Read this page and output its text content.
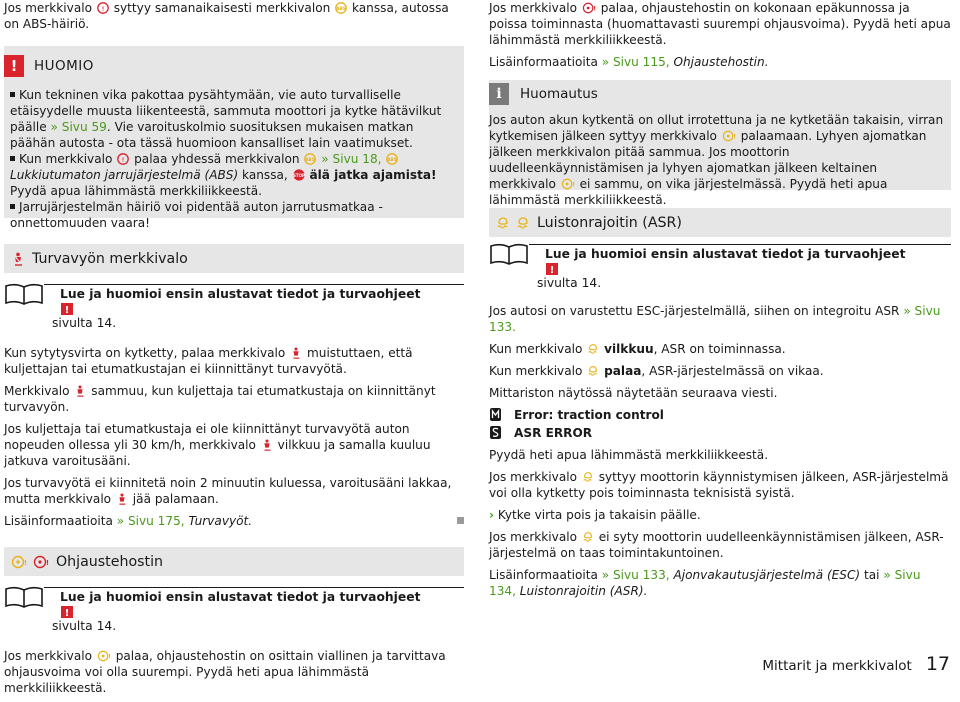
Jos merkkivalo ! syttyy samanaikaisesti merkkivalon ABS kanssa, autossa on ABS-häiriö.

!	HUOMIO
Kun tekninen vika pakottaa pysähtymään, vie auto turvalliselle etäisyydelle muusta liikenteestä, sammuta moottori ja kytke hätävilkut päälle » Sivu 59. Vie varoituskolmio suosituksen mukaisen matkan päähän autosta - ota tässä huomioon kansalliset lain vaatimukset.
Kun merkkivalo ! palaa yhdessä merkkivalon ABS » Sivu 18, ABS
Lukkiutumaton jarrujärjestelmä (ABS) kanssa, STOP älä jatka ajamista! Pyydä apua lähimmästä merkkiliikkeestä.
Jarrujärjestelmän häiriö voi pidentää auton jarrutusmatkaa - onnettomuuden vaara!
Turvavyön merkkivalo
Lue ja huomioi ensin alustavat tiedot ja turvaohjeet
!
sivulta 14.

Kun sytytysvirta on kytketty, palaa merkkivalo muistuttaen, että kuljettajan tai etumatkustajan ei kiinnittänyt turvavyötä.

Merkkivalo sammuu, kun kuljettaja tai etumatkustaja on kiinnittänyt turvavyön.

Jos kuljettaja tai etumatkustaja ei ole kiinnittänyt turvavyötä auton nopeuden ollessa yli 30 km/h, merkkivalo vilkkuu ja samalla kuuluu jatkuva varoitusääni.

Jos turvavyötä ei kiinnitetä noin 2 minuutin kuluessa, varoitusääni lakkaa, mutta merkkivalo jää palamaan.

Lisäinformaatioita » Sivu 175, Turvavyöt.

!	! Ohjaustehostin
Lue ja huomioi ensin alustavat tiedot ja turvaohjeet
!
sivulta 14.

Jos merkkivalo ! palaa, ohjaustehostin on osittain viallinen ja tarvittava ohjausvoima voi olla suurempi. Pyydä heti apua lähimmästä merkkiliikkeestä.

Jos merkkivalo ! palaa, ohjaustehostin on kokonaan epäkunnossa ja poissa toiminnasta (huomattavasti suurempi ohjausvoima). Pyydä heti apua lähimmästä merkkiliikkeestä.

Lisäinformaatioita » Sivu 115, Ohjaustehostin.

i	Huomautus
Jos auton akun kytkentä on ollut irrotettuna ja ne kytketään takaisin, virran kytkemisen jälkeen syttyy merkkivalo ! palaamaan. Lyhyen ajomatkan jälkeen merkkivalon pitää sammua. Jos moottorin uudelleenkäynnistämisen ja lyhyen ajomatkan jälkeen keltainen merkkivalo ! ei sammu, on vika järjestelmässä. Pyydä heti apua lähimmästä merkkiliikkeestä.
Luistonrajoitin (ASR)
Lue ja huomioi ensin alustavat tiedot ja turvaohjeet
!
sivulta 14.

Jos autosi on varustettu ESC-järjestelmällä, siihen on integroitu ASR » Sivu 133.

Kun merkkivalo vilkkuu, ASR on toiminnassa.

Kun merkkivalo palaa, ASR-järjestelmässä on vikaa.

Mittariston näytössä näytetään seuraava viesti.

Error: traction control
ASR ERROR

Pyydä heti apua lähimmästä merkkiliikkeestä.

Jos merkkivalo syttyy moottorin käynnistymisen jälkeen, ASR-järjestelmä voi olla kytketty pois toiminnasta teknisistä syistä.

› Kytke virta pois ja takaisin päälle.

Jos merkkivalo ei syty moottorin uudelleenkäynnistämisen jälkeen, ASR-järjestelmä on taas toimintakuntoinen.

Lisäinformaatioita » Sivu 133, Ajonvakautusjärjestelmä (ESC) tai » Sivu 134, Luistonrajoitin (ASR).

Mittarit ja merkkivalot 17
